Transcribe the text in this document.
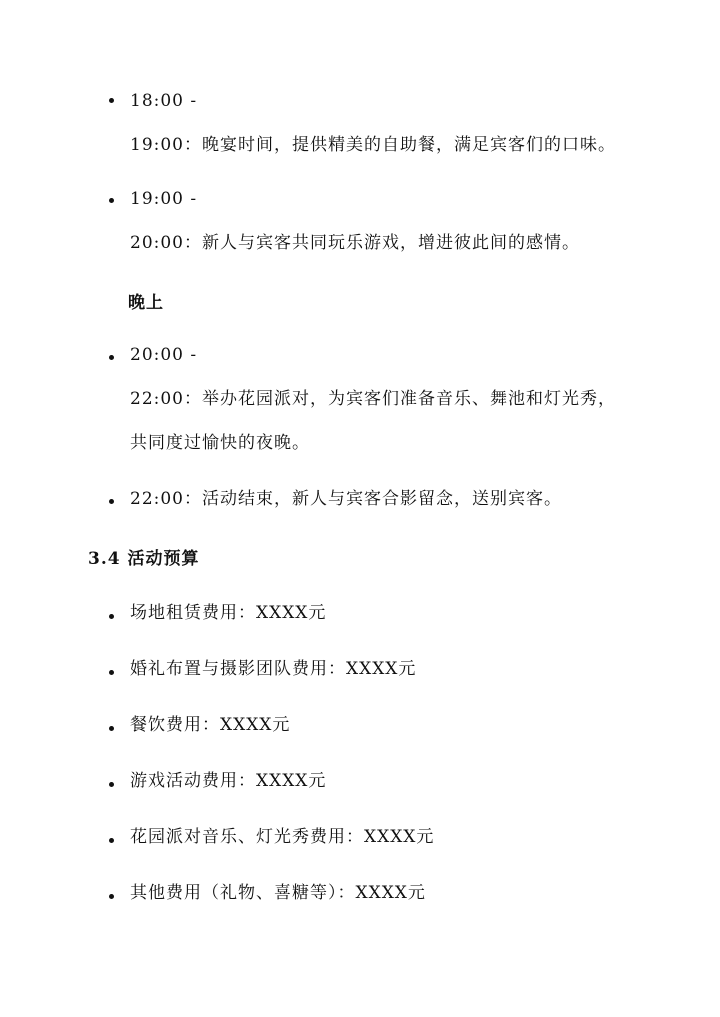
18:00 -
19:00：晚宴时间，提供精美的自助餐，满足宾客们的口味。
19:00 -
20:00：新人与宾客共同玩乐游戏，增进彼此间的感情。
晚上
20:00 -
22:00：举办花园派对，为宾客们准备音乐、舞池和灯光秀，
共同度过愉快的夜晚。
22:00：活动结束，新人与宾客合影留念，送别宾客。
3.4 活动预算
场地租赁费用：XXXX元
婚礼布置与摄影团队费用：XXXX元
餐饮费用：XXXX元
游戏活动费用：XXXX元
花园派对音乐、灯光秀费用：XXXX元
其他费用（礼物、喜糖等）：XXXX元
